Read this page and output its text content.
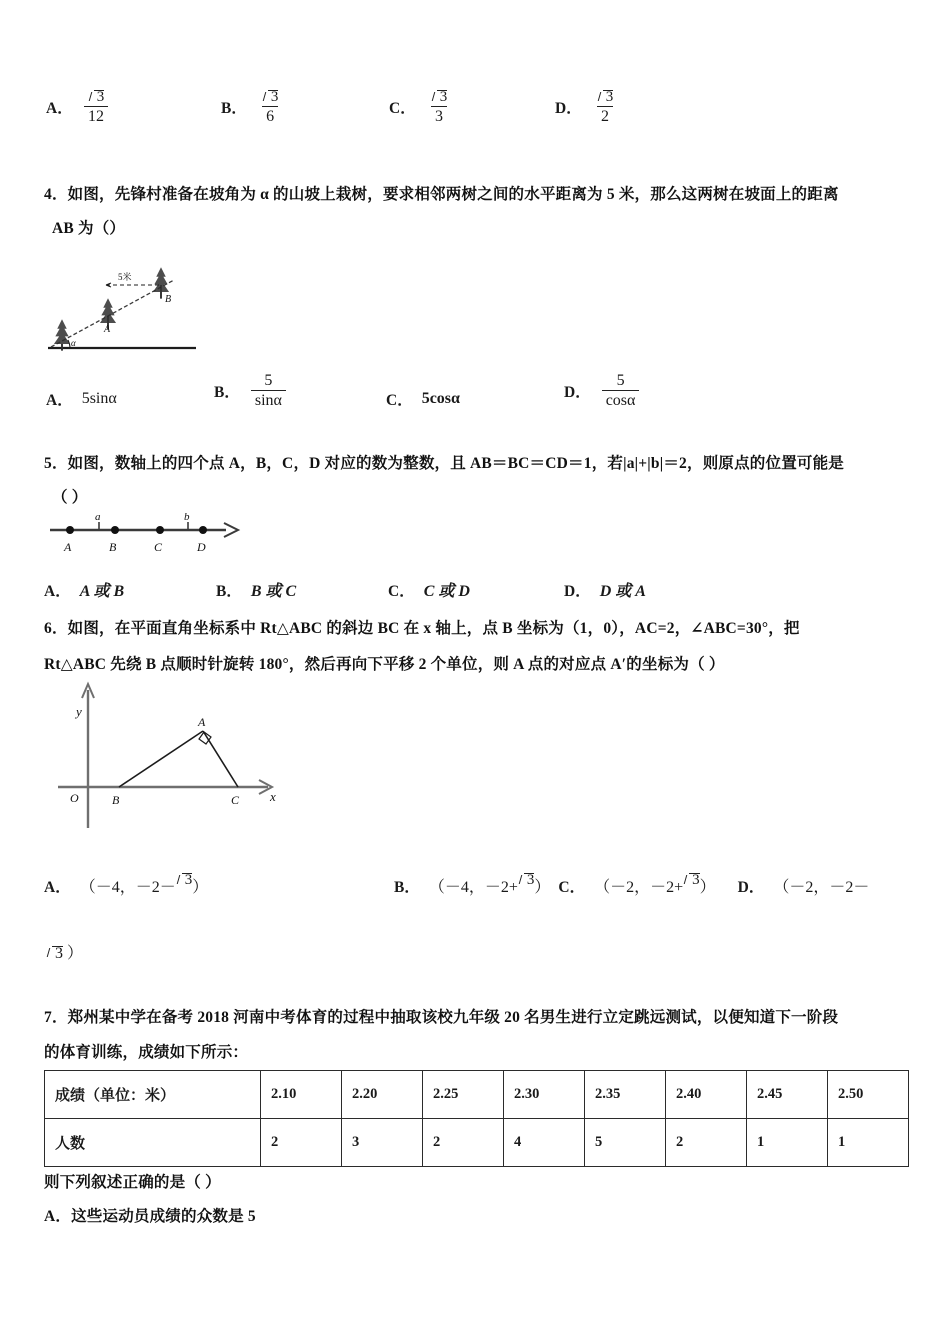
A． $\frac{3}{12}$	B． $\frac{3}{6}$	C． $\frac{3}{3}$	D． $\frac{3}{2}$
4．如图，先锋村准备在坡角为 α 的山坡上栽树，要求相邻两树之间的水平距离为 5 米，那么这两树在坡面上的距离
AB 为（）
α
5米
A
B
A． 5sinα	B． $\frac{5}{\sin\alpha}$	C． 5cosα	D． $\frac{5}{\cos\alpha}$
5．如图，数轴上的四个点 A，B，C，D 对应的数为整数，且 AB＝BC＝CD＝1，若|a|+|b|＝2，则原点的位置可能是
（ ）
a	b
A	B	C	D
A． A 或 B	B． B 或 C	C． C 或 D	D． D 或 A
6．如图，在平面直角坐标系中 Rt△ABC 的斜边 BC 在 x 轴上，点 B 坐标为（1，0），AC=2，∠ABC=30°，把
Rt△ABC 先绕 B 点顺时针旋转 180°，然后再向下平移 2 个单位，则 A 点的对应点 A′的坐标为（ ）
y
x
O	B	C
A
A． （－4，－2－ 3 ）	B． （－4，－2+ 3 ） C． （－2，－2+ 3 ） D． （－2，－2－
3 ）
7．郑州某中学在备考 2018 河南中考体育的过程中抽取该校九年级 20 名男生进行立定跳远测试，以便知道下一阶段
的体育训练，成绩如下所示：
成绩（单位：米）	2.10	2.20	2.25	2.30	2.35	2.40	2.45	2.50
人数	2	3	2	4	5	2	1	1
则下列叙述正确的是（ ）
A．这些运动员成绩的众数是 5
